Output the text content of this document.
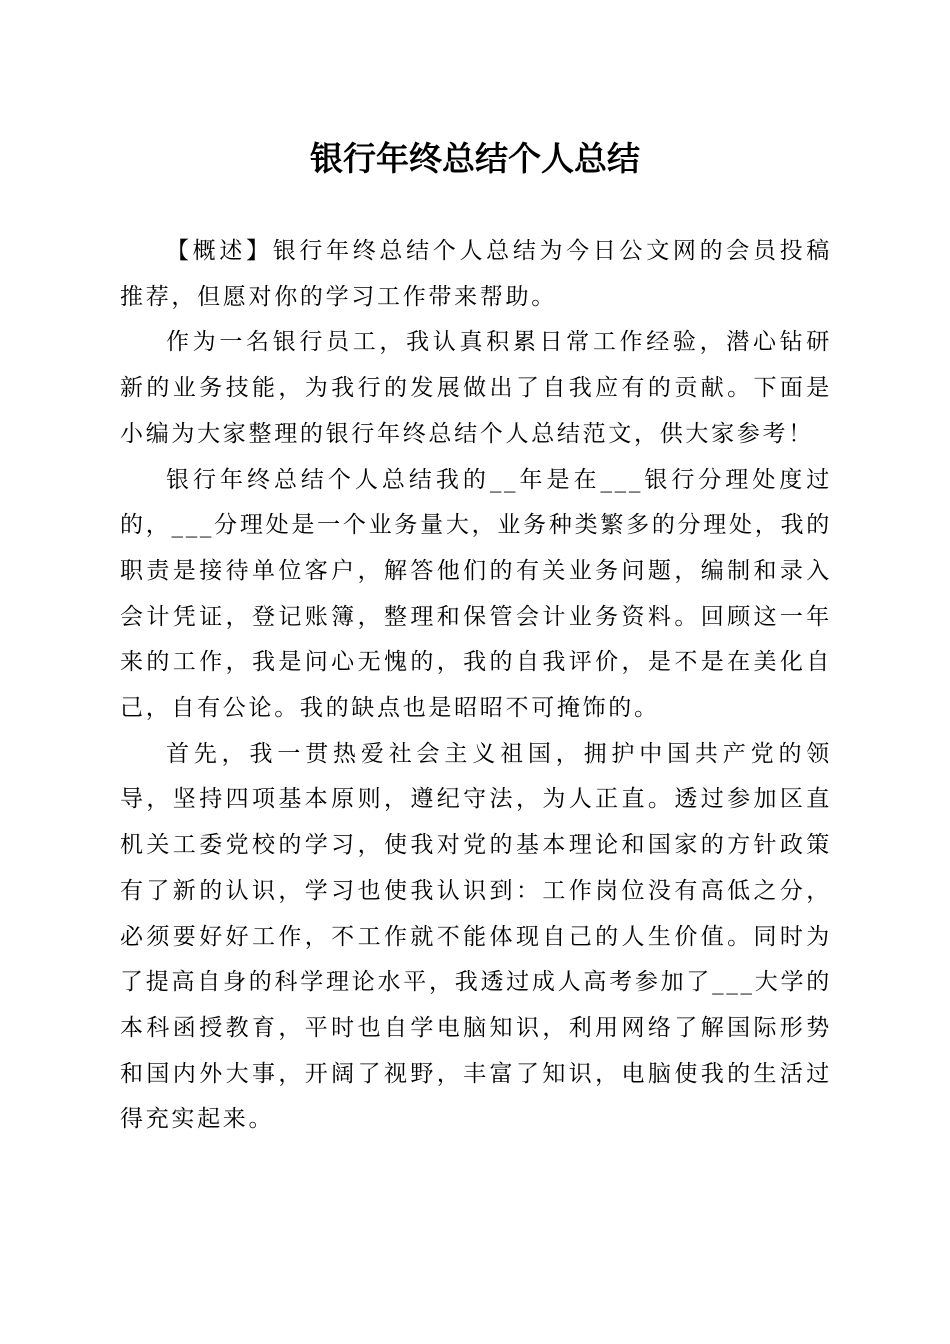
银行年终总结个人总结

【概述】银行年终总结个人总结为今日公文网的会员投稿推荐，但愿对你的学习工作带来帮助。

作为一名银行员工，我认真积累日常工作经验，潜心钻研新的业务技能，为我行的发展做出了自我应有的贡献。下面是小编为大家整理的银行年终总结个人总结范文，供大家参考！

银行年终总结个人总结我的__年是在___银行分理处度过的，___分理处是一个业务量大，业务种类繁多的分理处，我的职责是接待单位客户，解答他们的有关业务问题，编制和录入会计凭证，登记账簿，整理和保管会计业务资料。回顾这一年来的工作，我是问心无愧的，我的自我评价，是不是在美化自己，自有公论。我的缺点也是昭昭不可掩饰的。

首先，我一贯热爱社会主义祖国，拥护中国共产党的领导，坚持四项基本原则，遵纪守法，为人正直。透过参加区直机关工委党校的学习，使我对党的基本理论和国家的方针政策有了新的认识，学习也使我认识到：工作岗位没有高低之分，必须要好好工作，不工作就不能体现自己的人生价值。同时为了提高自身的科学理论水平，我透过成人高考参加了___大学的本科函授教育，平时也自学电脑知识，利用网络了解国际形势和国内外大事，开阔了视野，丰富了知识，电脑使我的生活过得充实起来。
